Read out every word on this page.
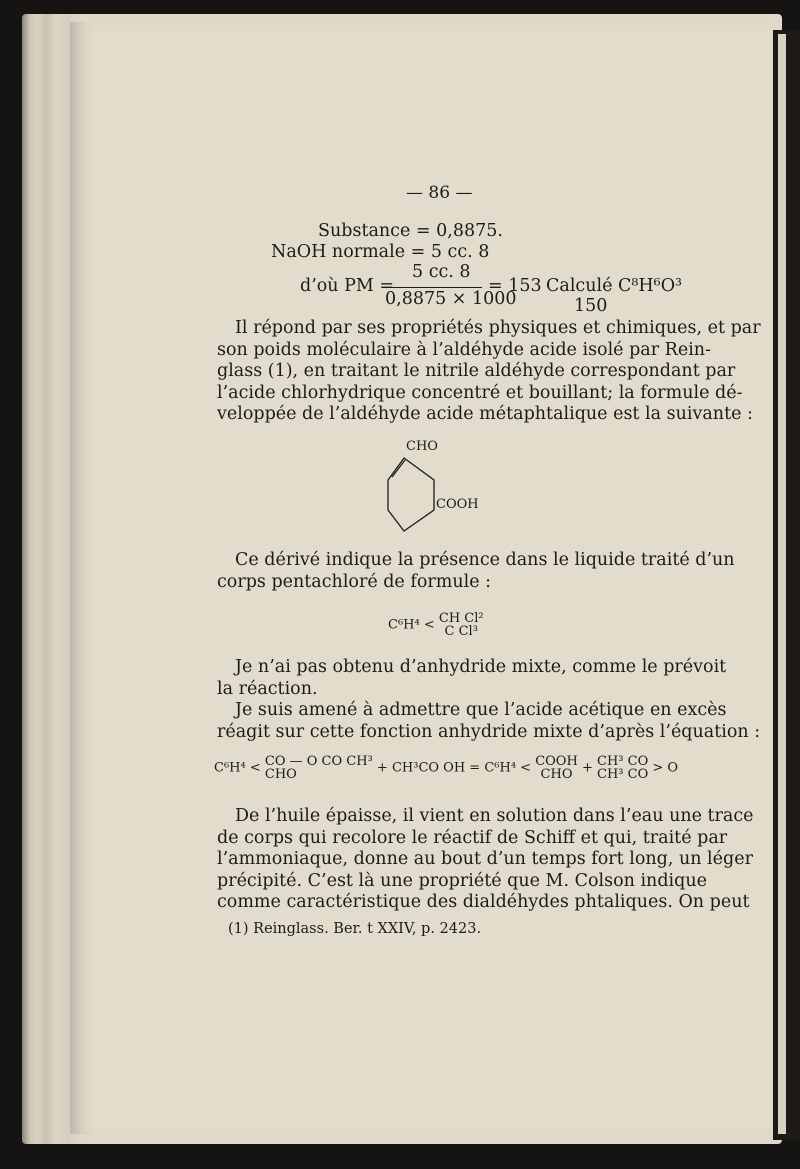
— 86 —
Substance = 0,8875.
NaOH normale = 5 cc. 8
5 cc. 8
d’où PM =
0,8875 × 1000
= 153 Calculé C⁸H⁶O³
150
Il répond par ses propriétés physiques et chimiques, et par
son poids moléculaire à l’aldéhyde acide isolé par Rein-
glass (1), en traitant le nitrile aldéhyde correspondant par
l’acide chlorhydrique concentré et bouillant; la formule dé-
veloppée de l’aldéhyde acide métaphtalique est la suivante :
CHO
COOH
Ce dérivé indique la présence dans le liquide traité d’un
corps pentachloré de formule :
C⁶H⁴ < CH Cl²
C Cl³
Je n’ai pas obtenu d’anhydride mixte, comme le prévoit
la réaction.
Je suis amené à admettre que l’acide acétique en excès
réagit sur cette fonction anhydride mixte d’après l’équation :
C⁶H⁴ < CO — O CO CH³
CHO	+ CH³CO OH = C⁶H⁴ < COOH
CHO + CH³ CO
CH³ CO > O
De l’huile épaisse, il vient en solution dans l’eau une trace
de corps qui recolore le réactif de Schiff et qui, traité par
l’ammoniaque, donne au bout d’un temps fort long, un léger
précipité. C’est là une propriété que M. Colson indique
comme caractéristique des dialdéhydes phtaliques. On peut
(1) Reinglass. Ber. t XXIV, p. 2423.
